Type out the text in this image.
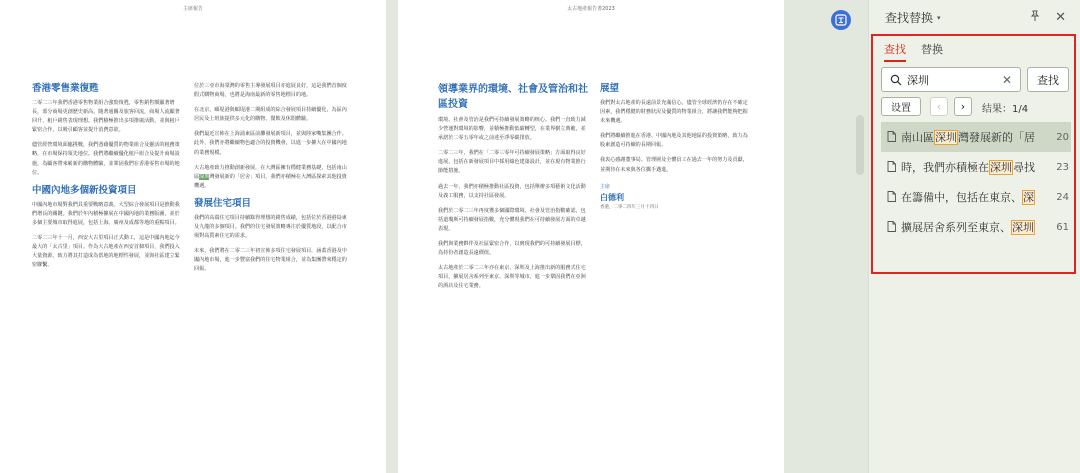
主席報告
香港零售業復甦

二零二三年我們香港零售物業組合強勁復甦，零售銷售額顯著增長，部分商場更創歷史新高。隨著通關及旅客回流，商場人流顯著回升，租戶銷售表現理想。我們積極推出多項推廣活動，並與租戶緊密合作，以吸引顧客並提升消費意欲。

儘管經營環境面臨挑戰，我們憑藉優質的物業組合及靈活的租務策略，在市場保持領先地位。我們將繼續優化租戶組合及提升商場設施，為顧客帶來嶄新的購物體驗，並鞏固我們在香港零售市場的地位。

中國內地多個新投資項目

中國內地市場對我們具重要戰略意義。大型綜合發展項目是推動我們增長的關鍵。我們於年內積極擴展在中國內地的業務版圖，並於多個主要城市取得進展，包括上海、廣州及成都等地的重點項目。

二零二三年十一月，西安大古里項目正式動工，這是中國內地迄今最大的「太古里」項目。作為大古地產在西安首個項目，我們投入大量資源，致力將其打造成為當地的地標性發展，並與社區建立緊密聯繫。

位於三亞市海棠灣的零售主導發展項目亦進展良好，這是我們首個度假式購物商場，也將是海南最新的零售地標目的地。

在北京，頤堤港與頤堤港二期組成的綜合發展項目持續優化，為區內居民及上班族提供多元化的購物、餐飲及休閒體驗。

我們最近宣佈在上海浦東區前灘發展新項目，並與陸家嘴集團合作。此外，我們亦將繼續物色適合的投資機會，以進一步擴大在中國內地的業務規模。

大古地產致力推動創新發展，在大灣區擁有穩健業務基礎，包括南山區深圳灣發展新的「居舍」項目，我們亦積極在大灣區探索其他投資機遇。

發展住宅項目

我們的高端住宅項目持續錄得理想的銷售成績，包括位於香港港島東及九龍的多個項目。我們的住宅發展策略專注於優質地段，以配合市場對高質素住宅的需求。

未來，我們將在二零二三年初宣佈多項住宅發展項目，涵蓋香港及中國內地市場，進一步豐富我們的住宅物業組合，並為集團帶來穩定的回報。

太古地產報告書2023
領導業界的環境、社會及管治和社區投資

環境、社會及管治是我們可持續發展策略的核心。我們一直致力減少營運對環境的影響，並積極推動低碳轉型，在業界樹立典範，並承諾於二零五零年或之前達至淨零碳排放。

二零二三年，我們在「二零三零年可持續發展策略」方面取得良好進展，包括在新發展項目中採用綠色建築設計，並在現有物業推行節能措施。

過去一年，我們亦積極推動社區投資，包括舉辦多項藝術文化活動及義工服務，以支持社區發展。

我們於二零二三年再度獲多個國際環境、社會及管治指數確認，包括道瓊斯可持續發展指數，充分體現我們在可持續發展方面的卓越表現。

我們與業務夥伴及社區緊密合作，以實現我們的可持續發展目標，為持份者創造長遠價值。

太古地產於二零二三年亦在東京、深圳及上海推出新的服務式住宅項目，擴展居舍系列至東京、深圳等城市，進一步鞏固我們在亞洲的酒店及住宅業務。

展望

我們對太古地產的長遠前景充滿信心。儘管全球經濟仍存在不確定因素，我們穩健的財務狀況及優質的物業組合，將讓我們能夠把握未來機遇。

我們將繼續推進在香港、中國內地及其他地區的投資策略，致力為股東創造可持續的長期回報。

我衷心感謝董事局、管理層及全體員工在過去一年的努力及貢獻，並期待在未來與各位攜手邁進。

主席
白德利
香港，二零二四年三月十四日
查找替换 ▾	✕
查找 替换
深圳
✕	查找
设置	‹	›	结果：1/4
南山區深圳灣發展新的「居	20
時，我們亦積極在深圳尋找	23
在籌備中，包括在東京、深	24
擴展居舍系列至東京、深圳	61
